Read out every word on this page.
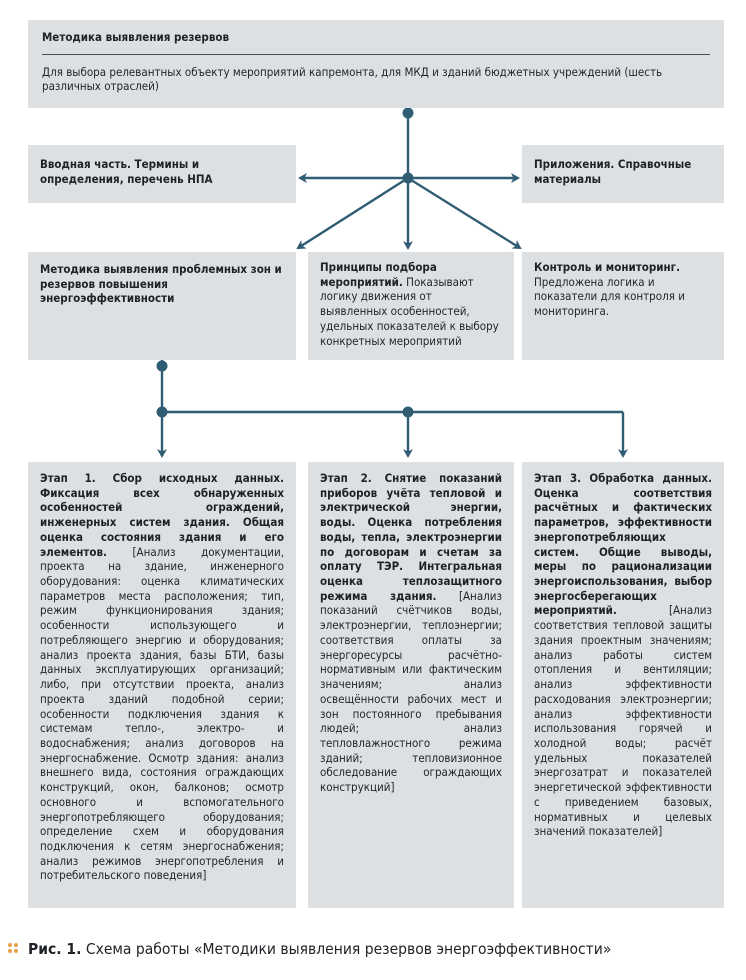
Методика выявления резервов
Для выбора релевантных объекту мероприятий капремонта, для МКД и зданий бюджетных учреждений (шесть различных отраслей)
Вводная часть. Термины и определения, перечень НПА
Приложения. Справочные материалы
Методика выявления проблемных зон и резервов повышения энергоэффективности
Принципы подбора мероприятий. Показывают логику движения от выявленных особенностей, удельных показателей к выбору конкретных мероприятий
Контроль и мониторинг. Предложена логика и показатели для контроля и мониторинга.
Этап 1. Сбор исходных данных. Фиксация всех обнаруженных особенностей ограждений, инженерных систем здания. Общая оценка состояния здания и его элементов. [Анализ документации, проекта на здание, инженерного оборудования: оценка климатических параметров места расположения; тип, режим функционирования здания; особенности использующего и потребляющего энергию и оборудования; анализ проекта здания, базы БТИ, базы данных эксплуатирующих организаций; либо, при отсутствии проекта, анализ проекта зданий подобной серии; особенности подключения здания к системам тепло-, электро- и водоснабжения; анализ договоров на энергоснабжение. Осмотр здания: анализ внешнего вида, состояния ограждающих конструкций, окон, балконов; осмотр основного и вспомогательного энергопотребляющего оборудования; определение схем и оборудования подключения к сетям энергоснабжения; анализ режимов энергопотребления и потребительского поведения]
Этап 2. Снятие показаний приборов учёта тепловой и электрической энергии, воды. Оценка потребления воды, тепла, электроэнергии по договорам и счетам за оплату ТЭР. Интегральная оценка теплозащитного режима здания. [Анализ показаний счётчиков воды, электроэнергии, теплоэнергии; соответствия оплаты за энергоресурсы расчётно-нормативным или фактическим значениям; анализ освещённости рабочих мест и зон постоянного пребывания людей; анализ тепловлажностного режима зданий; тепловизионное обследование ограждающих конструкций]
Этап 3. Обработка данных. Оценка соответствия расчётных и фактических параметров, эффективности энергопотребляющих систем. Общие выводы, меры по рационализации энергоиспользования, выбор энергосберегающих мероприятий. [Анализ соответствия тепловой защиты здания проектным значениям; анализ работы систем отопления и вентиляции; анализ эффективности расходования электроэнергии; анализ эффективности использования горячей и холодной воды; расчёт удельных показателей энергозатрат и показателей энергетической эффективности с приведением базовых, нормативных и целевых значений показателей]
Рис. 1. Схема работы «Методики выявления резервов энергоэффективности»
